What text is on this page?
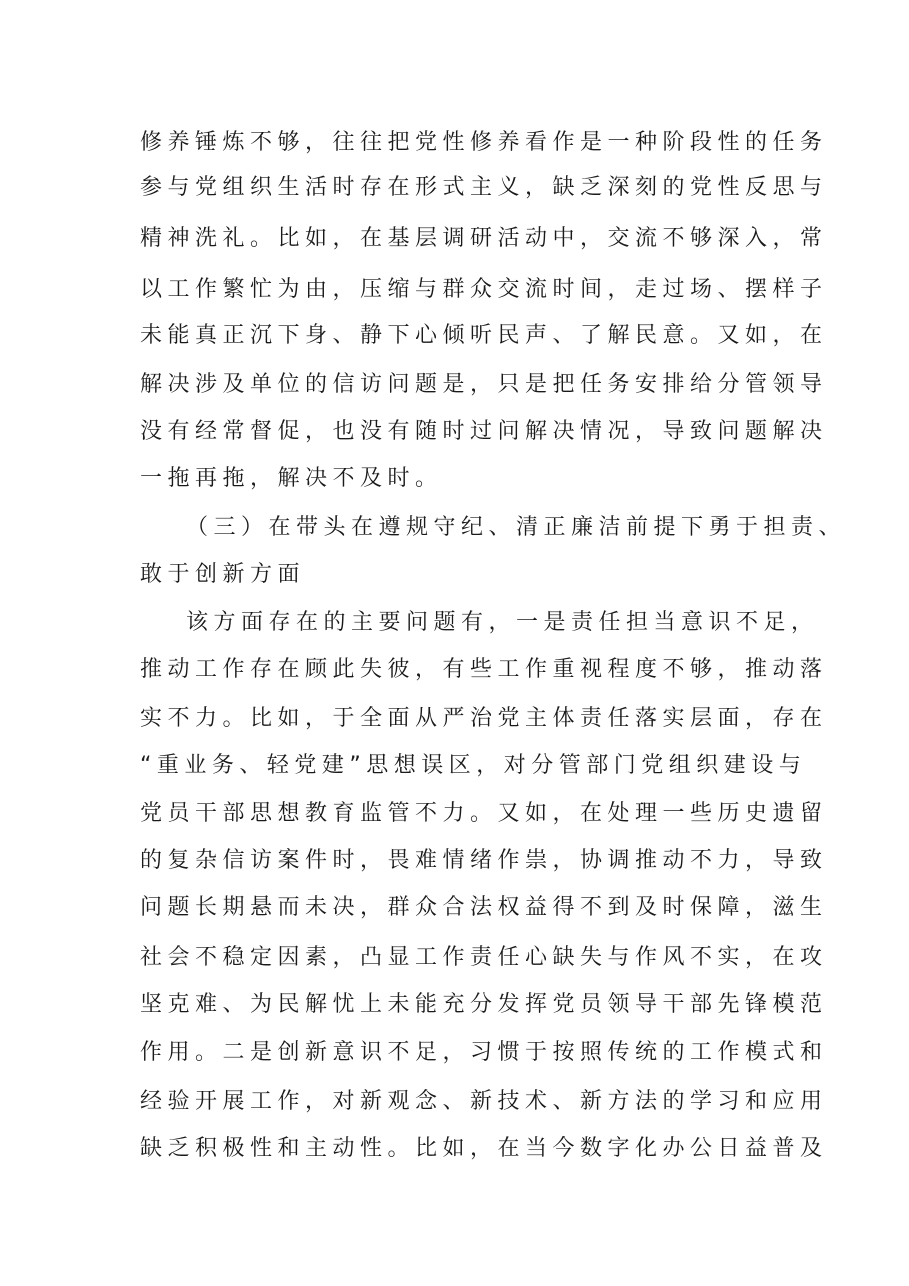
修养锤炼不够，往往把党性修养看作是一种阶段性的任务
参与党组织生活时存在形式主义，缺乏深刻的党性反思与
精神洗礼。比如，在基层调研活动中，交流不够深入，常
以工作繁忙为由，压缩与群众交流时间，走过场、摆样子
未能真正沉下身、静下心倾听民声、了解民意。又如，在
解决涉及单位的信访问题是，只是把任务安排给分管领导
没有经常督促，也没有随时过问解决情况，导致问题解决
一拖再拖，解决不及时。
（三）在带头在遵规守纪、清正廉洁前提下勇于担责、
敢于创新方面
该方面存在的主要问题有，一是责任担当意识不足，
推动工作存在顾此失彼，有些工作重视程度不够，推动落
实不力。比如，于全面从严治党主体责任落实层面，存在
“重业务、轻党建”思想误区，对分管部门党组织建设与
党员干部思想教育监管不力。又如，在处理一些历史遗留
的复杂信访案件时，畏难情绪作祟，协调推动不力，导致
问题长期悬而未决，群众合法权益得不到及时保障，滋生
社会不稳定因素，凸显工作责任心缺失与作风不实，在攻
坚克难、为民解忧上未能充分发挥党员领导干部先锋模范
作用。二是创新意识不足，习惯于按照传统的工作模式和
经验开展工作，对新观念、新技术、新方法的学习和应用
缺乏积极性和主动性。比如，在当今数字化办公日益普及
